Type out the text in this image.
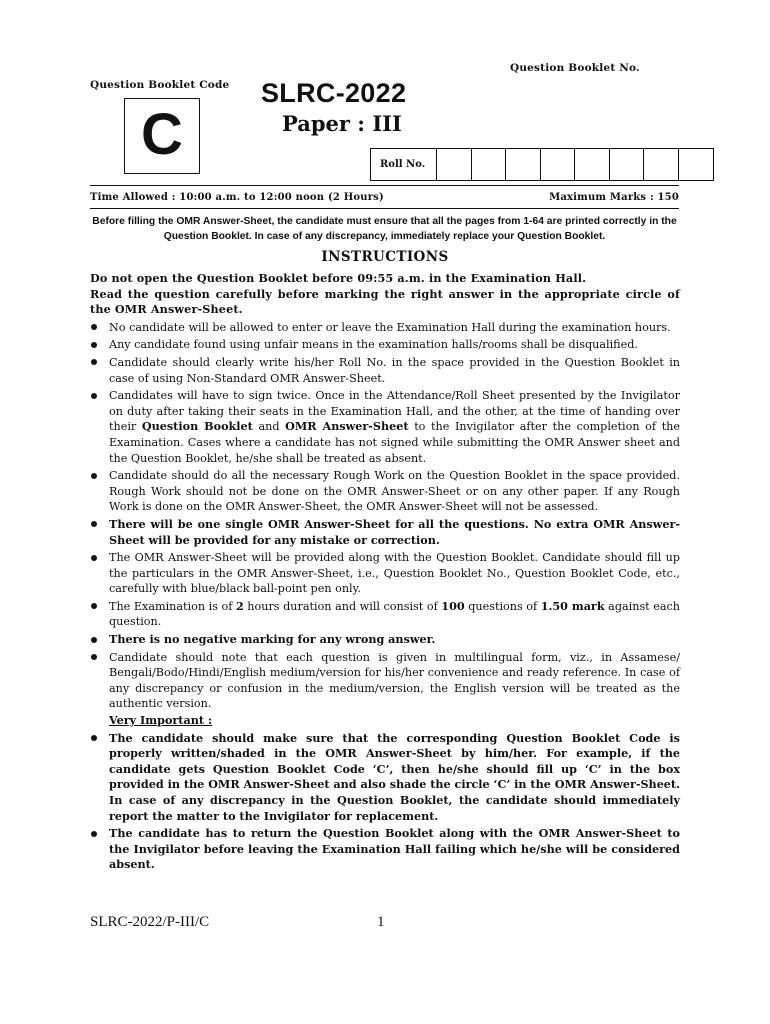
Question Booklet No.
Question Booklet Code
C
SLRC-2022
Paper : III
Roll No.
Time Allowed : 10:00 a.m. to 12:00 noon (2 Hours)	Maximum Marks : 150
Before filling the OMR Answer-Sheet, the candidate must ensure that all the pages from 1-64 are printed correctly in the Question Booklet. In case of any discrepancy, immediately replace your Question Booklet.
INSTRUCTIONS

Do not open the Question Booklet before 09:55 a.m. in the Examination Hall.

Read the question carefully before marking the right answer in the appropriate circle of the OMR Answer-Sheet.

No candidate will be allowed to enter or leave the Examination Hall during the examination hours.
Any candidate found using unfair means in the examination halls/rooms shall be disqualified.
Candidate should clearly write his/her Roll No. in the space provided in the Question Booklet in case of using Non-Standard OMR Answer-Sheet.
Candidates will have to sign twice. Once in the Attendance/Roll Sheet presented by the Invigilator on duty after taking their seats in the Examination Hall, and the other, at the time of handing over their Question Booklet and OMR Answer-Sheet to the Invigilator after the completion of the Examination. Cases where a candidate has not signed while submitting the OMR Answer sheet and the Question Booklet, he/she shall be treated as absent.
Candidate should do all the necessary Rough Work on the Question Booklet in the space provided. Rough Work should not be done on the OMR Answer-Sheet or on any other paper. If any Rough Work is done on the OMR Answer-Sheet, the OMR Answer-Sheet will not be assessed.
There will be one single OMR Answer-Sheet for all the questions. No extra OMR Answer-Sheet will be provided for any mistake or correction.
The OMR Answer-Sheet will be provided along with the Question Booklet. Candidate should fill up the particulars in the OMR Answer-Sheet, i.e., Question Booklet No., Question Booklet Code, etc., carefully with blue/black ball-point pen only.
The Examination is of 2 hours duration and will consist of 100 questions of 1.50 mark against each question.
There is no negative marking for any wrong answer.
Candidate should note that each question is given in multilingual form, viz., in Assamese/ Bengali/Bodo/Hindi/English medium/version for his/her convenience and ready reference. In case of any discrepancy or confusion in the medium/version, the English version will be treated as the authentic version.

Very Important :

The candidate should make sure that the corresponding Question Booklet Code is properly written/shaded in the OMR Answer-Sheet by him/her. For example, if the candidate gets Question Booklet Code ‘C’, then he/she should fill up ‘C’ in the box provided in the OMR Answer-Sheet and also shade the circle ‘C’ in the OMR Answer-Sheet. In case of any discrepancy in the Question Booklet, the candidate should immediately report the matter to the Invigilator for replacement.
The candidate has to return the Question Booklet along with the OMR Answer-Sheet to the Invigilator before leaving the Examination Hall failing which he/she will be considered absent.
SLRC-2022/P-III/C	1
